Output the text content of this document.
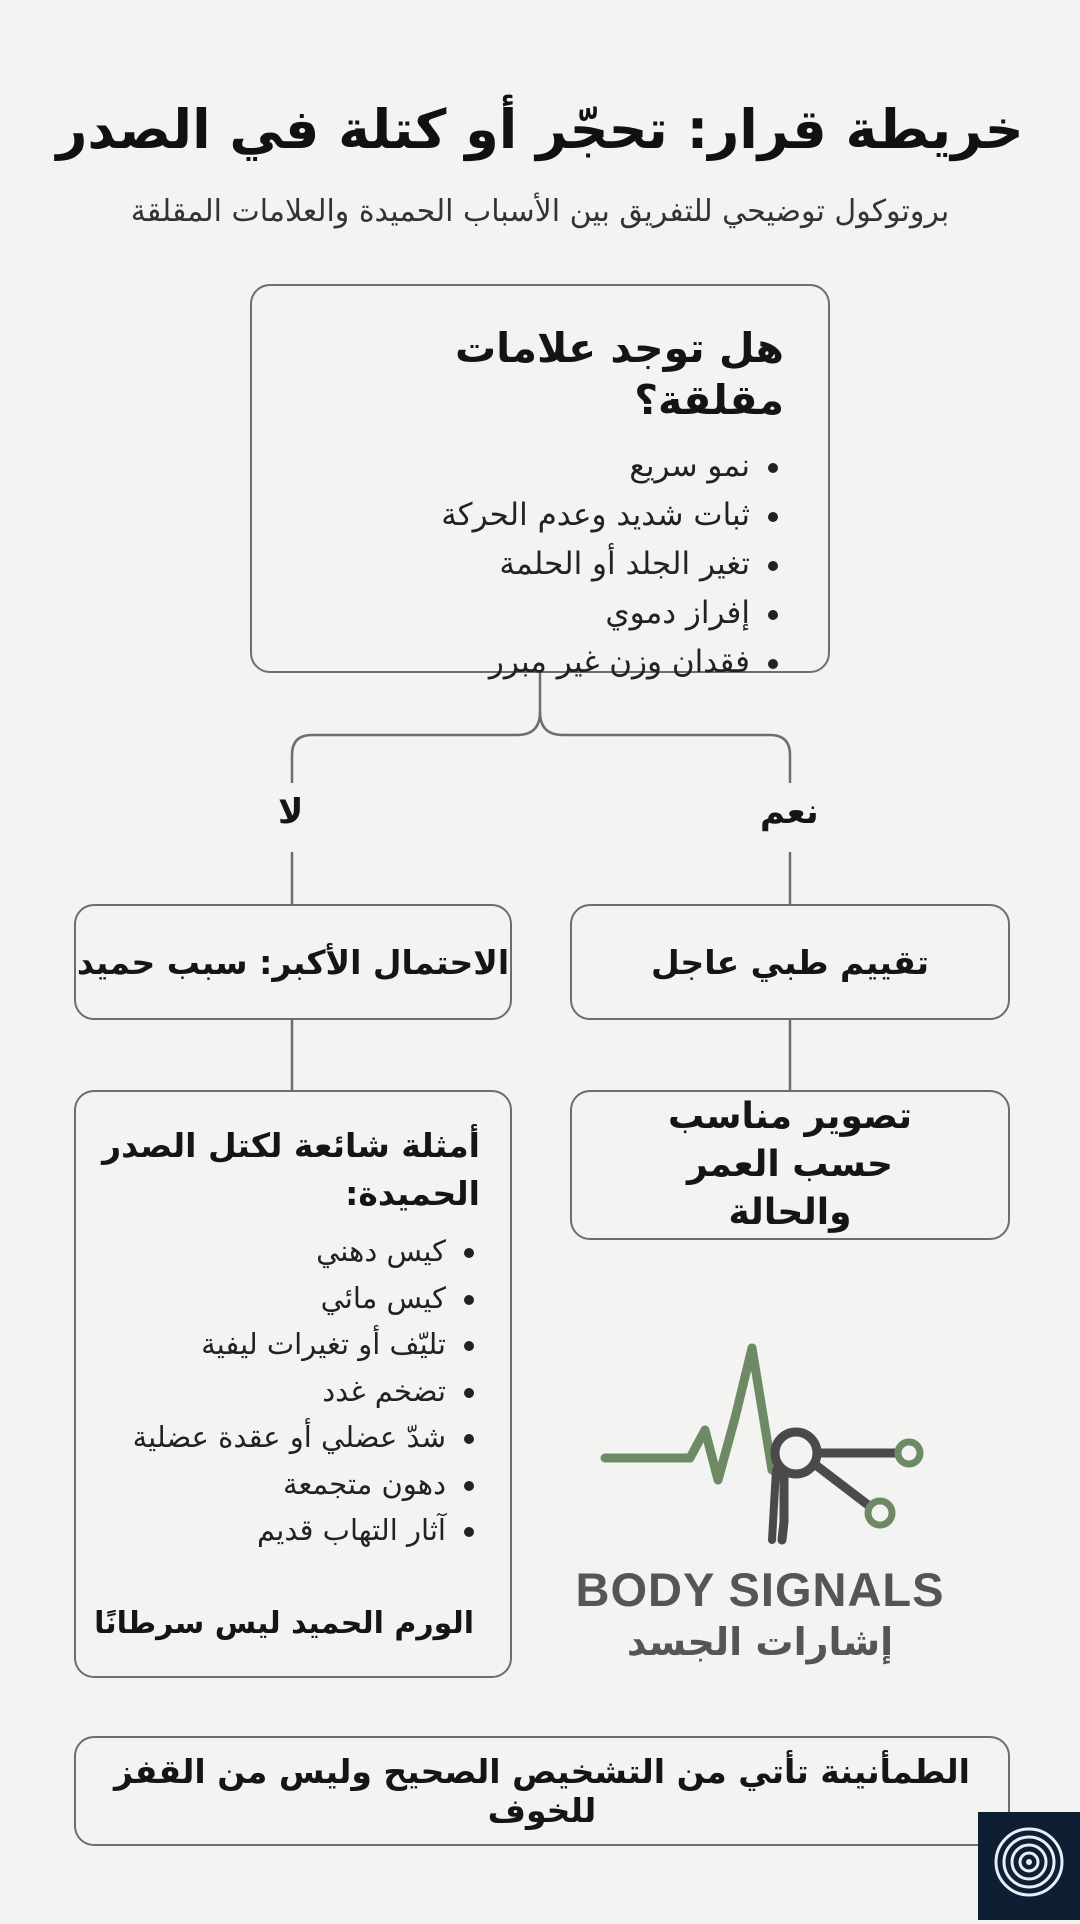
خريطة قرار: تحجّر أو كتلة في الصدر
بروتوكول توضيحي للتفريق بين الأسباب الحميدة والعلامات المقلقة
هل توجد علامات مقلقة؟
نمو سريع
ثبات شديد وعدم الحركة
تغير الجلد أو الحلمة
إفراز دموي
فقدان وزن غير مبرر
نعم
لا
تقييم طبي عاجل
تصوير مناسب حسب العمر والحالة
الاحتمال الأكبر: سبب حميد
أمثلة شائعة لكتل الصدر الحميدة:
كيس دهني
كيس مائي
تليّف أو تغيرات ليفية
تضخم غدد
شدّ عضلي أو عقدة عضلية
دهون متجمعة
آثار التهاب قديم
الورم الحميد ليس سرطانًا
BODY SIGNALS
إشارات الجسد
الطمأنينة تأتي من التشخيص الصحيح وليس من القفز للخوف
